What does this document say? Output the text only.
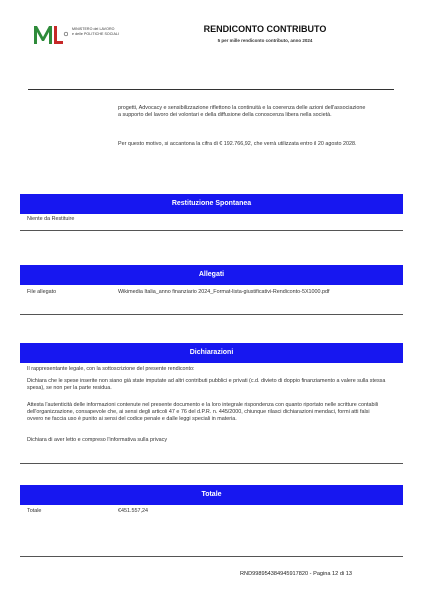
MINISTERO del LAVORO
e delle POLITICHE SOCIALI	RENDICONTO CONTRIBUTO
5 per mille rendiconto contributo, anno 2024
progetti, Advocacy e sensibilizzazione riflettono la continuità e la coerenza delle azioni dell'associazione a supporto del lavoro dei volontari e della diffusione della conoscenza libera nella società.
Per questo motivo, si accantona la cifra di € 192.766,92, che verrà utilizzata entro il 20 agosto 2028.
Restituzione Spontanea
Niente da Restituire
Allegati
File allegato	Wikimedia Italia_anno finanziario 2024_Format-lista-giustificativi-Rendiconto-5X1000.pdf
Dichiarazioni
Il rappresentante legale, con la sottoscrizione del presente rendiconto:
Dichiara che le spese inserite non siano già state imputate ad altri contributi pubblici e privati (c.d. divieto di doppio finanziamento a valere sulla stessa spesa), se non per la parte residua.
Attesta l'autenticità delle informazioni contenute nel presente documento e la loro integrale rispondenza con quanto riportato nelle scritture contabili dell'organizzazione, consapevole che, ai sensi degli articoli 47 e 76 del d.P.R. n. 445/2000, chiunque rilasci dichiarazioni mendaci, formi atti falsi ovvero ne faccia uso è punito ai sensi del codice penale e dalle leggi speciali in materia.
Dichiara di aver letto e compreso l'informativa sulla privacy
Totale
Totale	€451.557,24
RND998954384945917820 - Pagina 12 di 13
